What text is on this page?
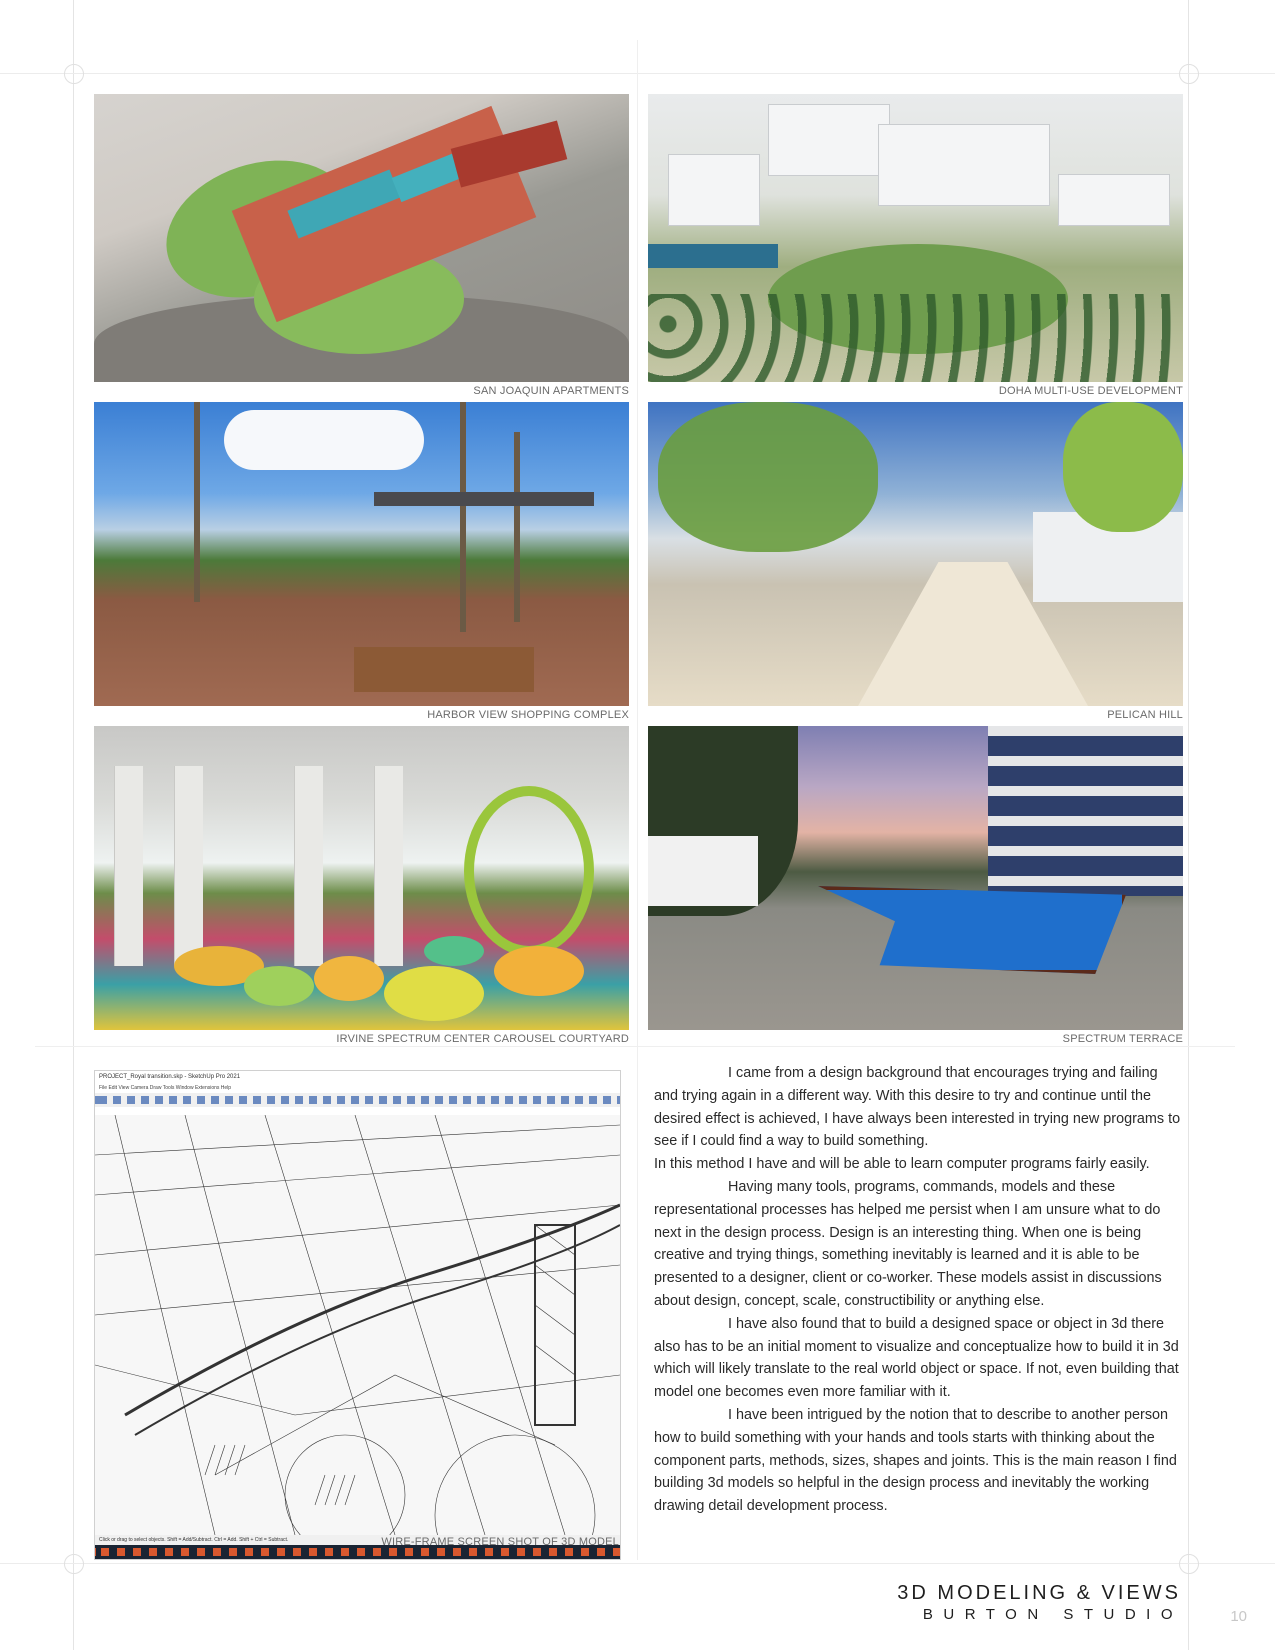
SAN JOAQUIN APARTMENTS	DOHA MULTI-USE DEVELOPMENT
HARBOR VIEW SHOPPING COMPLEX	PELICAN HILL
IRVINE SPECTRUM CENTER CAROUSEL COURTYARD	SPECTRUM TERRACE
PROJECT_Royal transition.skp - SketchUp Pro 2021
File Edit View Camera Draw Tools Window Extensions Help
Click or drag to select objects. Shift = Add/Subtract. Ctrl = Add. Shift + Ctrl = Subtract.	WIRE-FRAME SCREEN SHOT OF 3D MODEL

I came from a design background that encourages trying and failing and trying again in a different way. With this desire to try and continue until the desired effect is achieved, I have always been interested in trying new programs to see if I could find a way to build something.

In this method I have and will be able to learn computer programs fairly easily.

Having many tools, programs, commands, models and these representational processes has helped me persist when I am unsure what to do next in the design process. Design is an interesting thing. When one is being creative and trying things, something inevitably is learned and it is able to be presented to a designer, client or co-worker. These models assist in discussions about design, concept, scale, constructibility or anything else.

I have also found that to build a designed space or object in 3d there also has to be an initial moment to visualize and conceptualize how to build it in 3d which will likely translate to the real world object or space. If not, even building that model one becomes even more familiar with it.

I have been intrigued by the notion that to describe to another person how to build something with your hands and tools starts with thinking about the component parts, methods, sizes, shapes and joints. This is the main reason I find building 3d models so helpful in the design process and inevitably the working drawing detail development process.

3D MODELING & VIEWS
BURTON STUDIO	10
